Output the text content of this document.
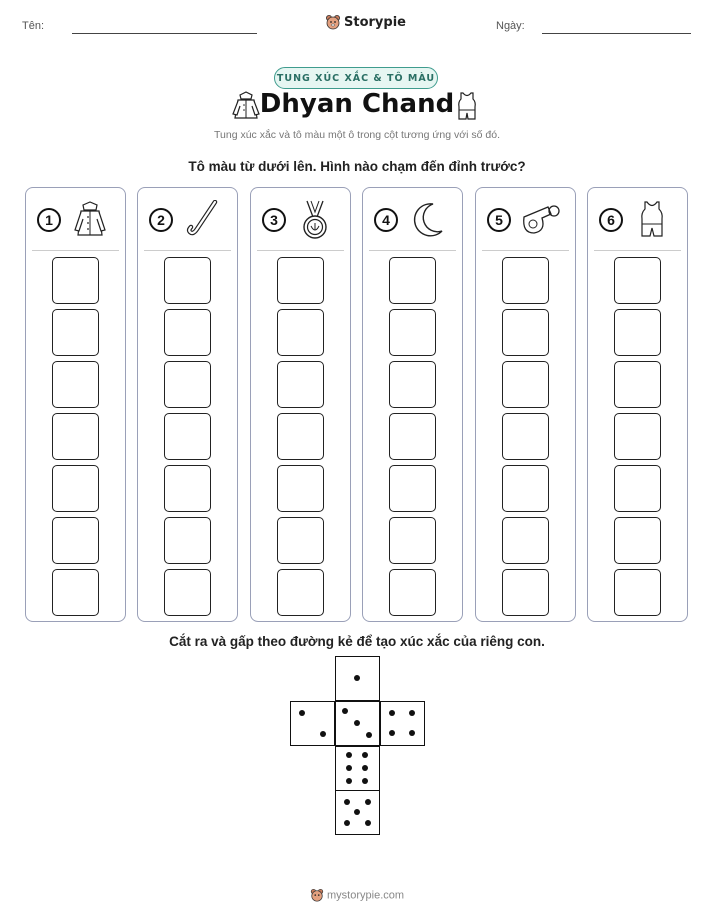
Tên:	Storypie	Ngày:
TUNG XÚC XẮC & TÔ MÀU
Dhyan Chand
Tung xúc xắc và tô màu một ô trong cột tương ứng với số đó.
Tô màu từ dưới lên. Hình nào chạm đến đỉnh trước?
1	2	3	4	5	6
Cắt ra và gấp theo đường kẻ để tạo xúc xắc của riêng con.
mystorypie.com
